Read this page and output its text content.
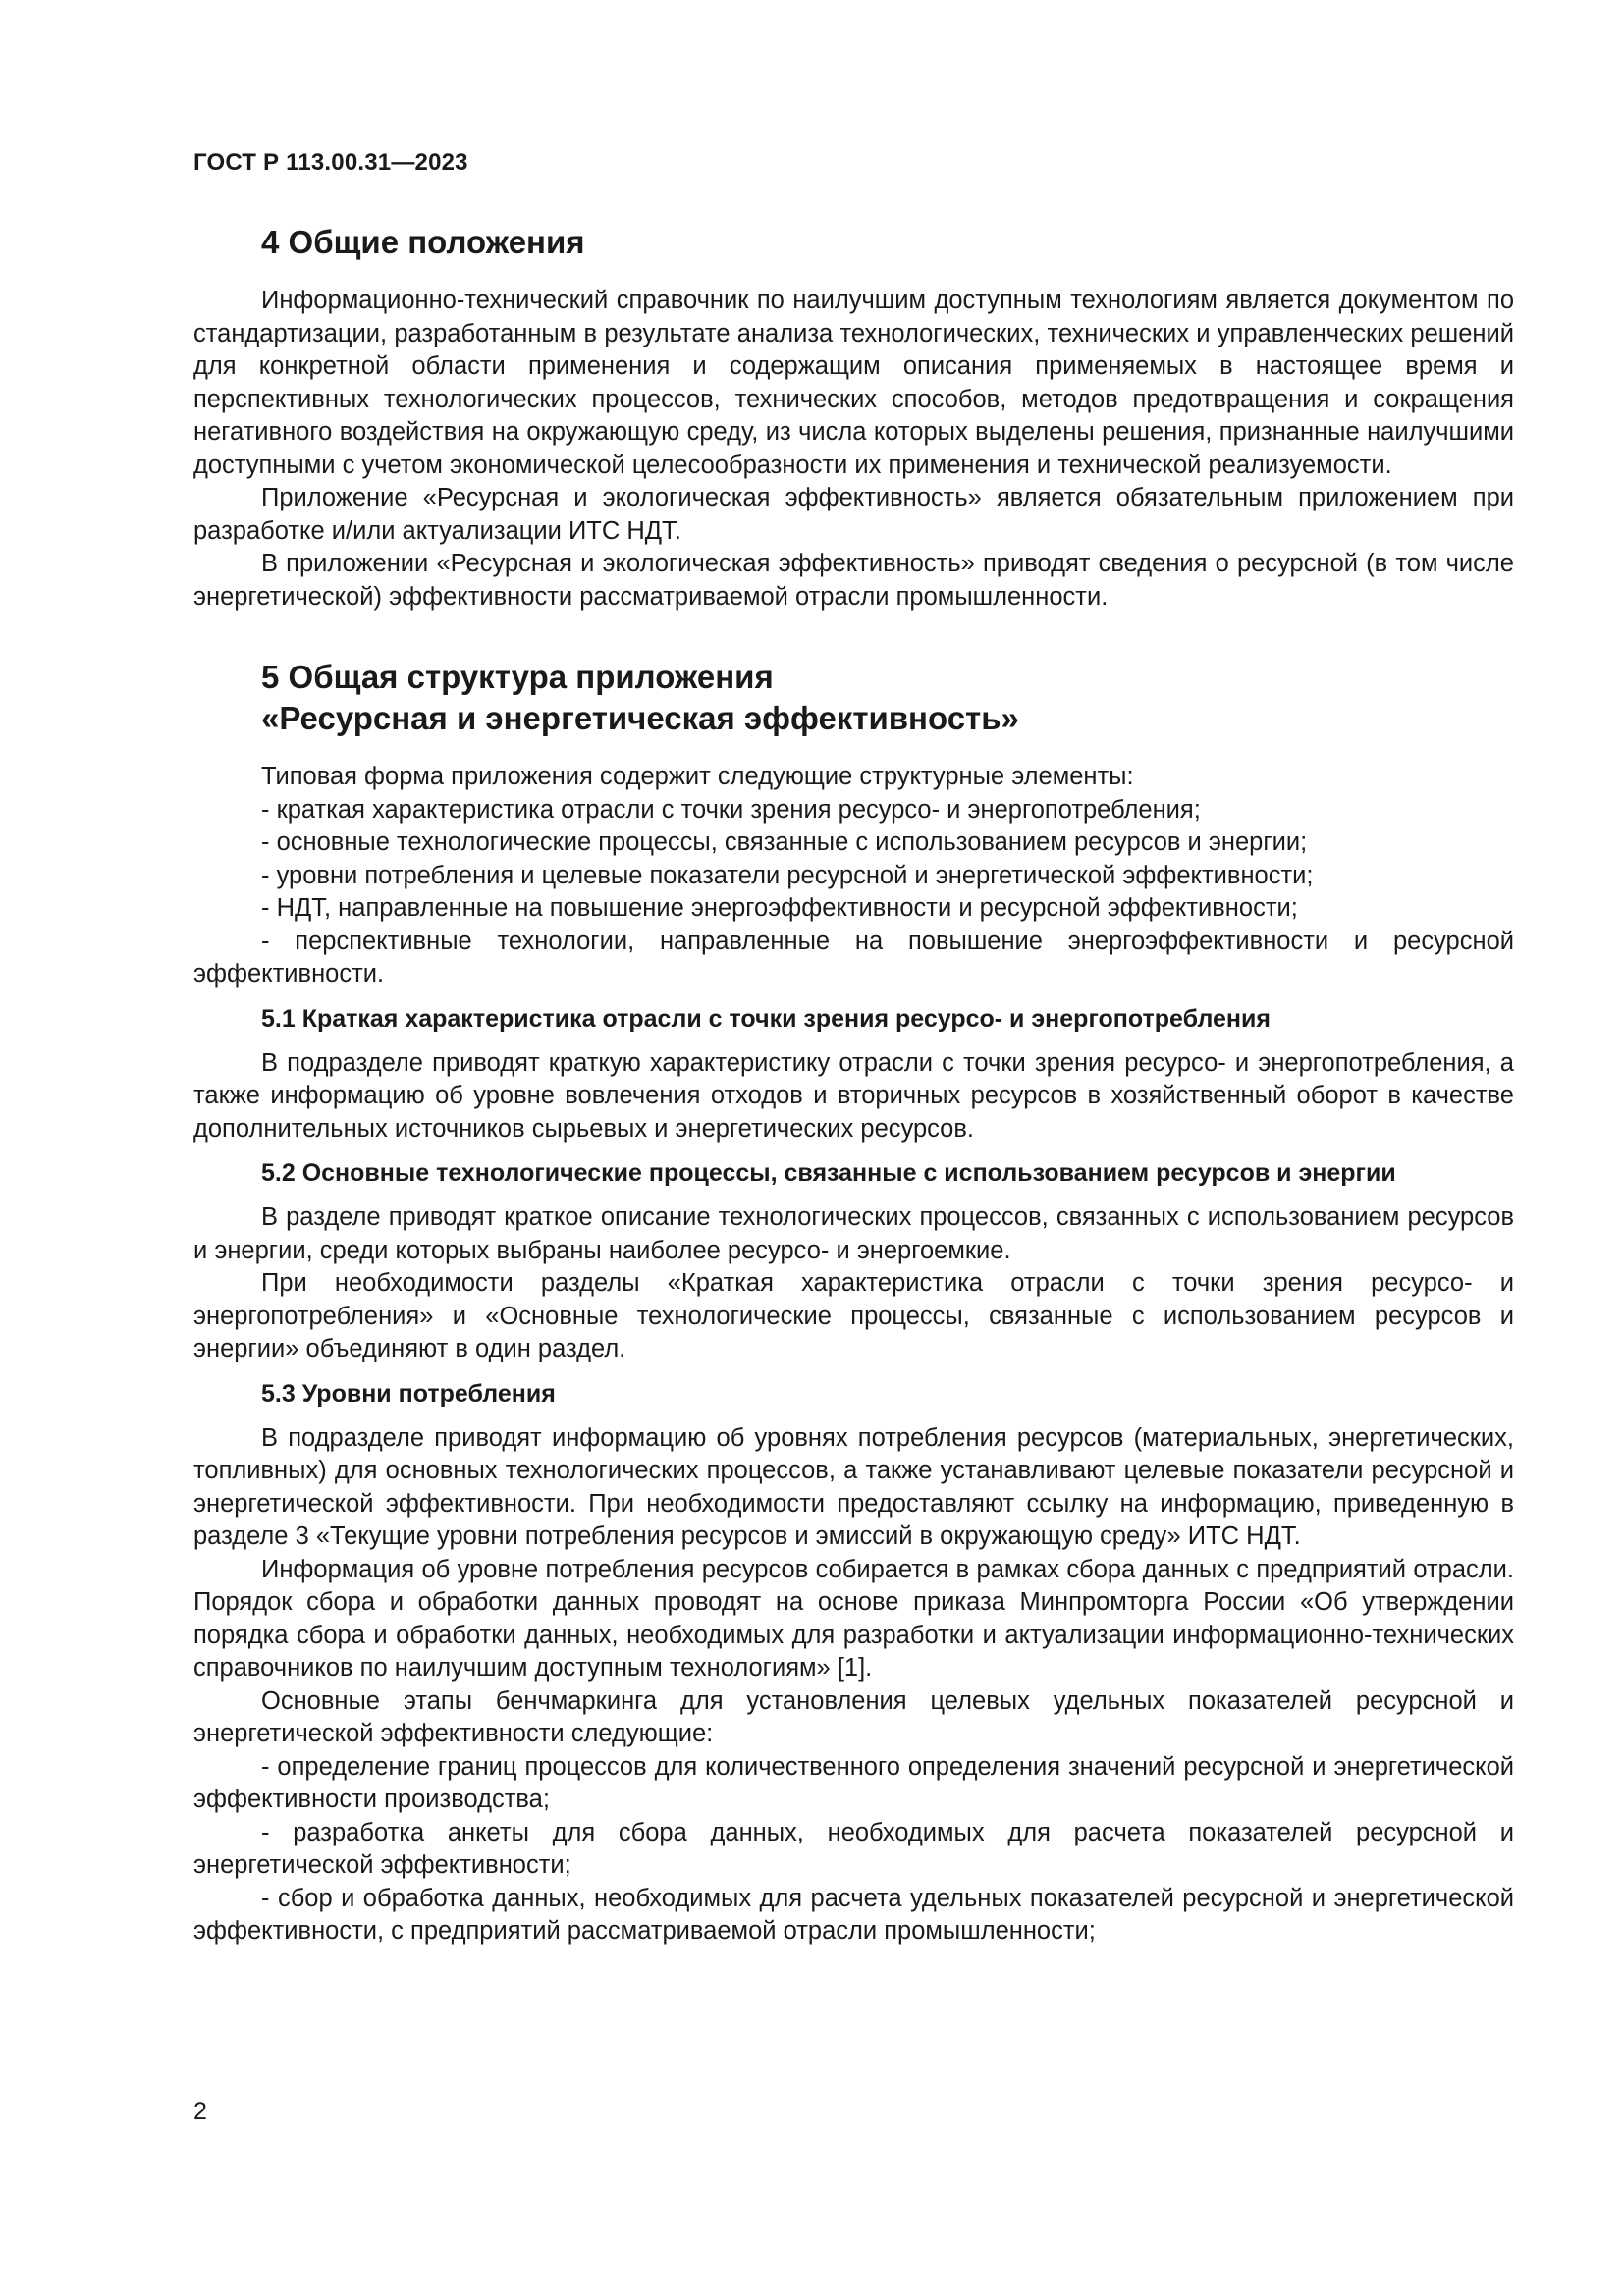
ГОСТ Р 113.00.31—2023
4 Общие положения

Информационно-технический справочник по наилучшим доступным технологиям является документом по стандартизации, разработанным в результате анализа технологических, технических и управленческих решений для конкретной области применения и содержащим описания применяемых в настоящее время и перспективных технологических процессов, технических способов, методов предотвращения и сокращения негативного воздействия на окружающую среду, из числа которых выделены решения, признанные наилучшими доступными с учетом экономической целесообразности их применения и технической реализуемости.

Приложение «Ресурсная и экологическая эффективность» является обязательным приложением при разработке и/или актуализации ИТС НДТ.

В приложении «Ресурсная и экологическая эффективность» приводят сведения о ресурсной (в том числе энергетической) эффективности рассматриваемой отрасли промышленности.

5 Общая структура приложения
«Ресурсная и энергетическая эффективность»

Типовая форма приложения содержит следующие структурные элементы:

- краткая характеристика отрасли с точки зрения ресурсо- и энергопотребления;

- основные технологические процессы, связанные с использованием ресурсов и энергии;

- уровни потребления и целевые показатели ресурсной и энергетической эффективности;

- НДТ, направленные на повышение энергоэффективности и ресурсной эффективности;

- перспективные технологии, направленные на повышение энергоэффективности и ресурсной эффективности.

5.1 Краткая характеристика отрасли с точки зрения ресурсо- и энергопотребления

В подразделе приводят краткую характеристику отрасли с точки зрения ресурсо- и энергопотребления, а также информацию об уровне вовлечения отходов и вторичных ресурсов в хозяйственный оборот в качестве дополнительных источников сырьевых и энергетических ресурсов.

5.2 Основные технологические процессы, связанные с использованием ресурсов и энергии

В разделе приводят краткое описание технологических процессов, связанных с использованием ресурсов и энергии, среди которых выбраны наиболее ресурсо- и энергоемкие.

При необходимости разделы «Краткая характеристика отрасли с точки зрения ресурсо- и энергопотребления» и «Основные технологические процессы, связанные с использованием ресурсов и энергии» объединяют в один раздел.

5.3 Уровни потребления

В подразделе приводят информацию об уровнях потребления ресурсов (материальных, энергетических, топливных) для основных технологических процессов, а также устанавливают целевые показатели ресурсной и энергетической эффективности. При необходимости предоставляют ссылку на информацию, приведенную в разделе 3 «Текущие уровни потребления ресурсов и эмиссий в окружающую среду» ИТС НДТ.

Информация об уровне потребления ресурсов собирается в рамках сбора данных с предприятий отрасли. Порядок сбора и обработки данных проводят на основе приказа Минпромторга России «Об утверждении порядка сбора и обработки данных, необходимых для разработки и актуализации информационно-технических справочников по наилучшим доступным технологиям» [1].

Основные этапы бенчмаркинга для установления целевых удельных показателей ресурсной и энергетической эффективности следующие:

- определение границ процессов для количественного определения значений ресурсной и энергетической эффективности производства;

- разработка анкеты для сбора данных, необходимых для расчета показателей ресурсной и энергетической эффективности;

- сбор и обработка данных, необходимых для расчета удельных показателей ресурсной и энергетической эффективности, с предприятий рассматриваемой отрасли промышленности;

2
